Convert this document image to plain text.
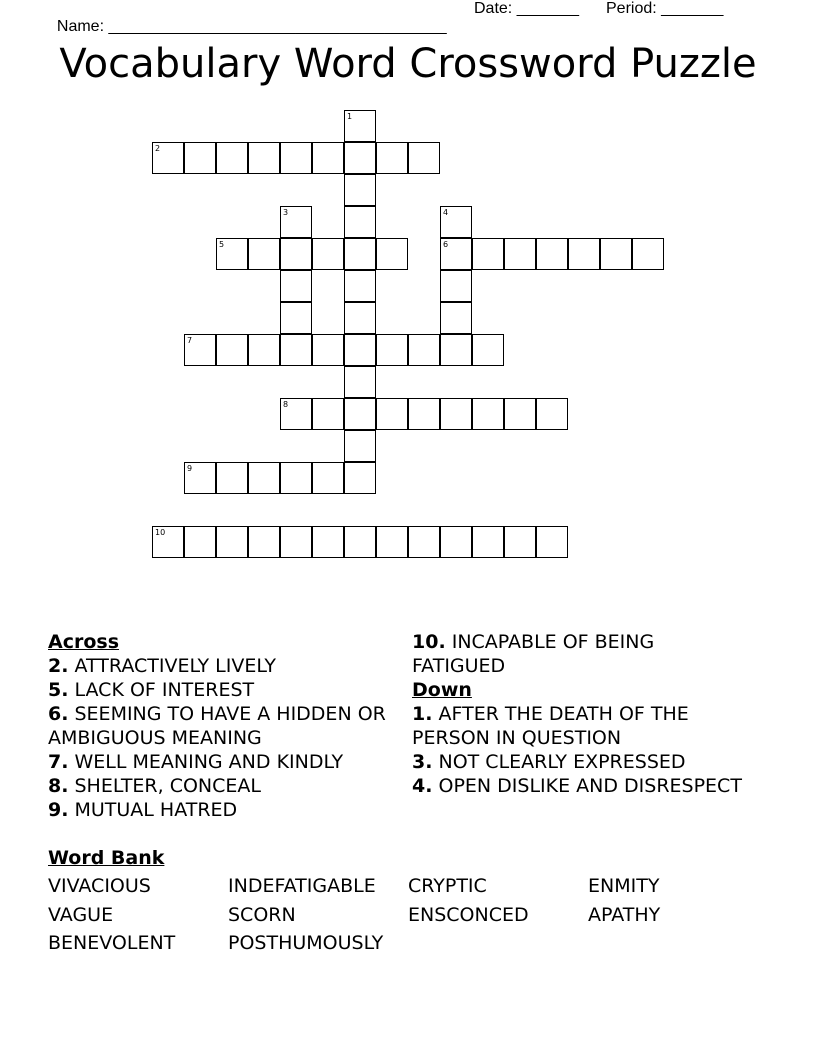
Name: ______________________________________

Date: _______

Period: _______

Vocabulary Word Crossword Puzzle
1
2
3	4
6
5
7
8
9
10
Across
2. ATTRACTIVELY LIVELY
5. LACK OF INTEREST
6. SEEMING TO HAVE A HIDDEN OR AMBIGUOUS MEANING
7. WELL MEANING AND KINDLY
8. SHELTER, CONCEAL
9. MUTUAL HATRED
10. INCAPABLE OF BEING FATIGUED
Down
1. AFTER THE DEATH OF THE PERSON IN QUESTION
3. NOT CLEARLY EXPRESSED
4. OPEN DISLIKE AND DISRESPECT
Word Bank
VIVACIOUS	INDEFATIGABLE	CRYPTIC	ENMITY
VAGUE	SCORN	ENSCONCED	APATHY
BENEVOLENT	POSTHUMOUSLY
